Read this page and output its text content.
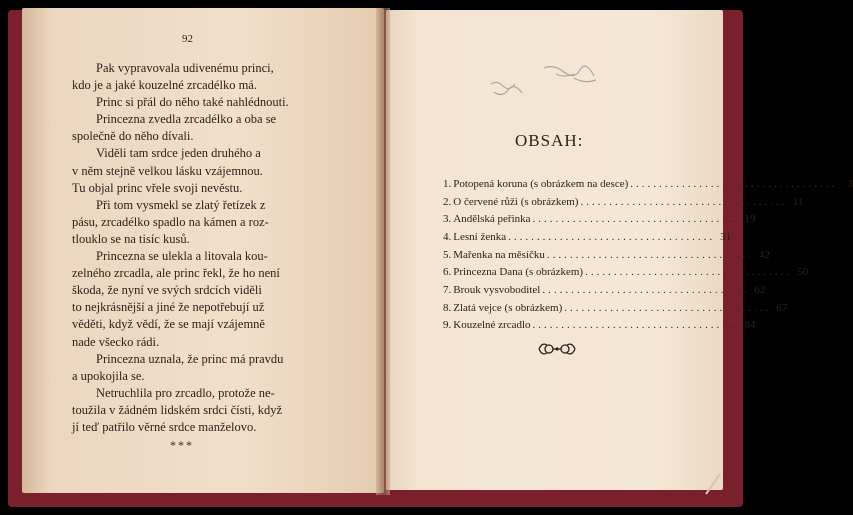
92

Pak vypravovala udivenému princi,

kdo je a jaké kouzelné zrcadélko má.

Princ si přál do něho také nahlédnouti.

Princezna zvedla zrcadélko a oba se

společně do něho dívali.

Viděli tam srdce jeden druhého a

v něm stejně velkou lásku vzájemnou.

Tu objal princ vřele svoji nevěstu.

Při tom vysmekl se zlatý řetízek z

pásu, zrcadélko spadlo na kámen a roz-

tlouklo se na tisíc kusů.

Princezna se ulekla a litovala kou-

zelného zrcadla, ale princ řekl, že ho není

škoda, že nyní ve svých srdcích viděli

to nejkrásnější a jiné že nepotřebují už

věděti, když vědí, že se mají vzájemně

nade všecko rádi.

Princezna uznala, že princ má pravdu

a upokojila se.

Netruchlila pro zrcadlo, protože ne-

toužila v žádném lidském srdci čísti, když

jí teď patřilo věrné srdce manželovo.

***
OBSAH:
1. Potopená koruna (s obrázkem na desce) .................................... 3
2. O červené růži (s obrázkem) .................................... 11
3. Andělská peřinka .................................... 19
4. Lesní ženka .................................... 31
5. Mařenka na měsíčku .................................... 42
6. Princezna Dana (s obrázkem) .................................... 50
7. Brouk vysvoboditel .................................... 62
8. Zlatá vejce (s obrázkem) .................................... 67
9. Kouzelné zrcadlo .................................... 84
